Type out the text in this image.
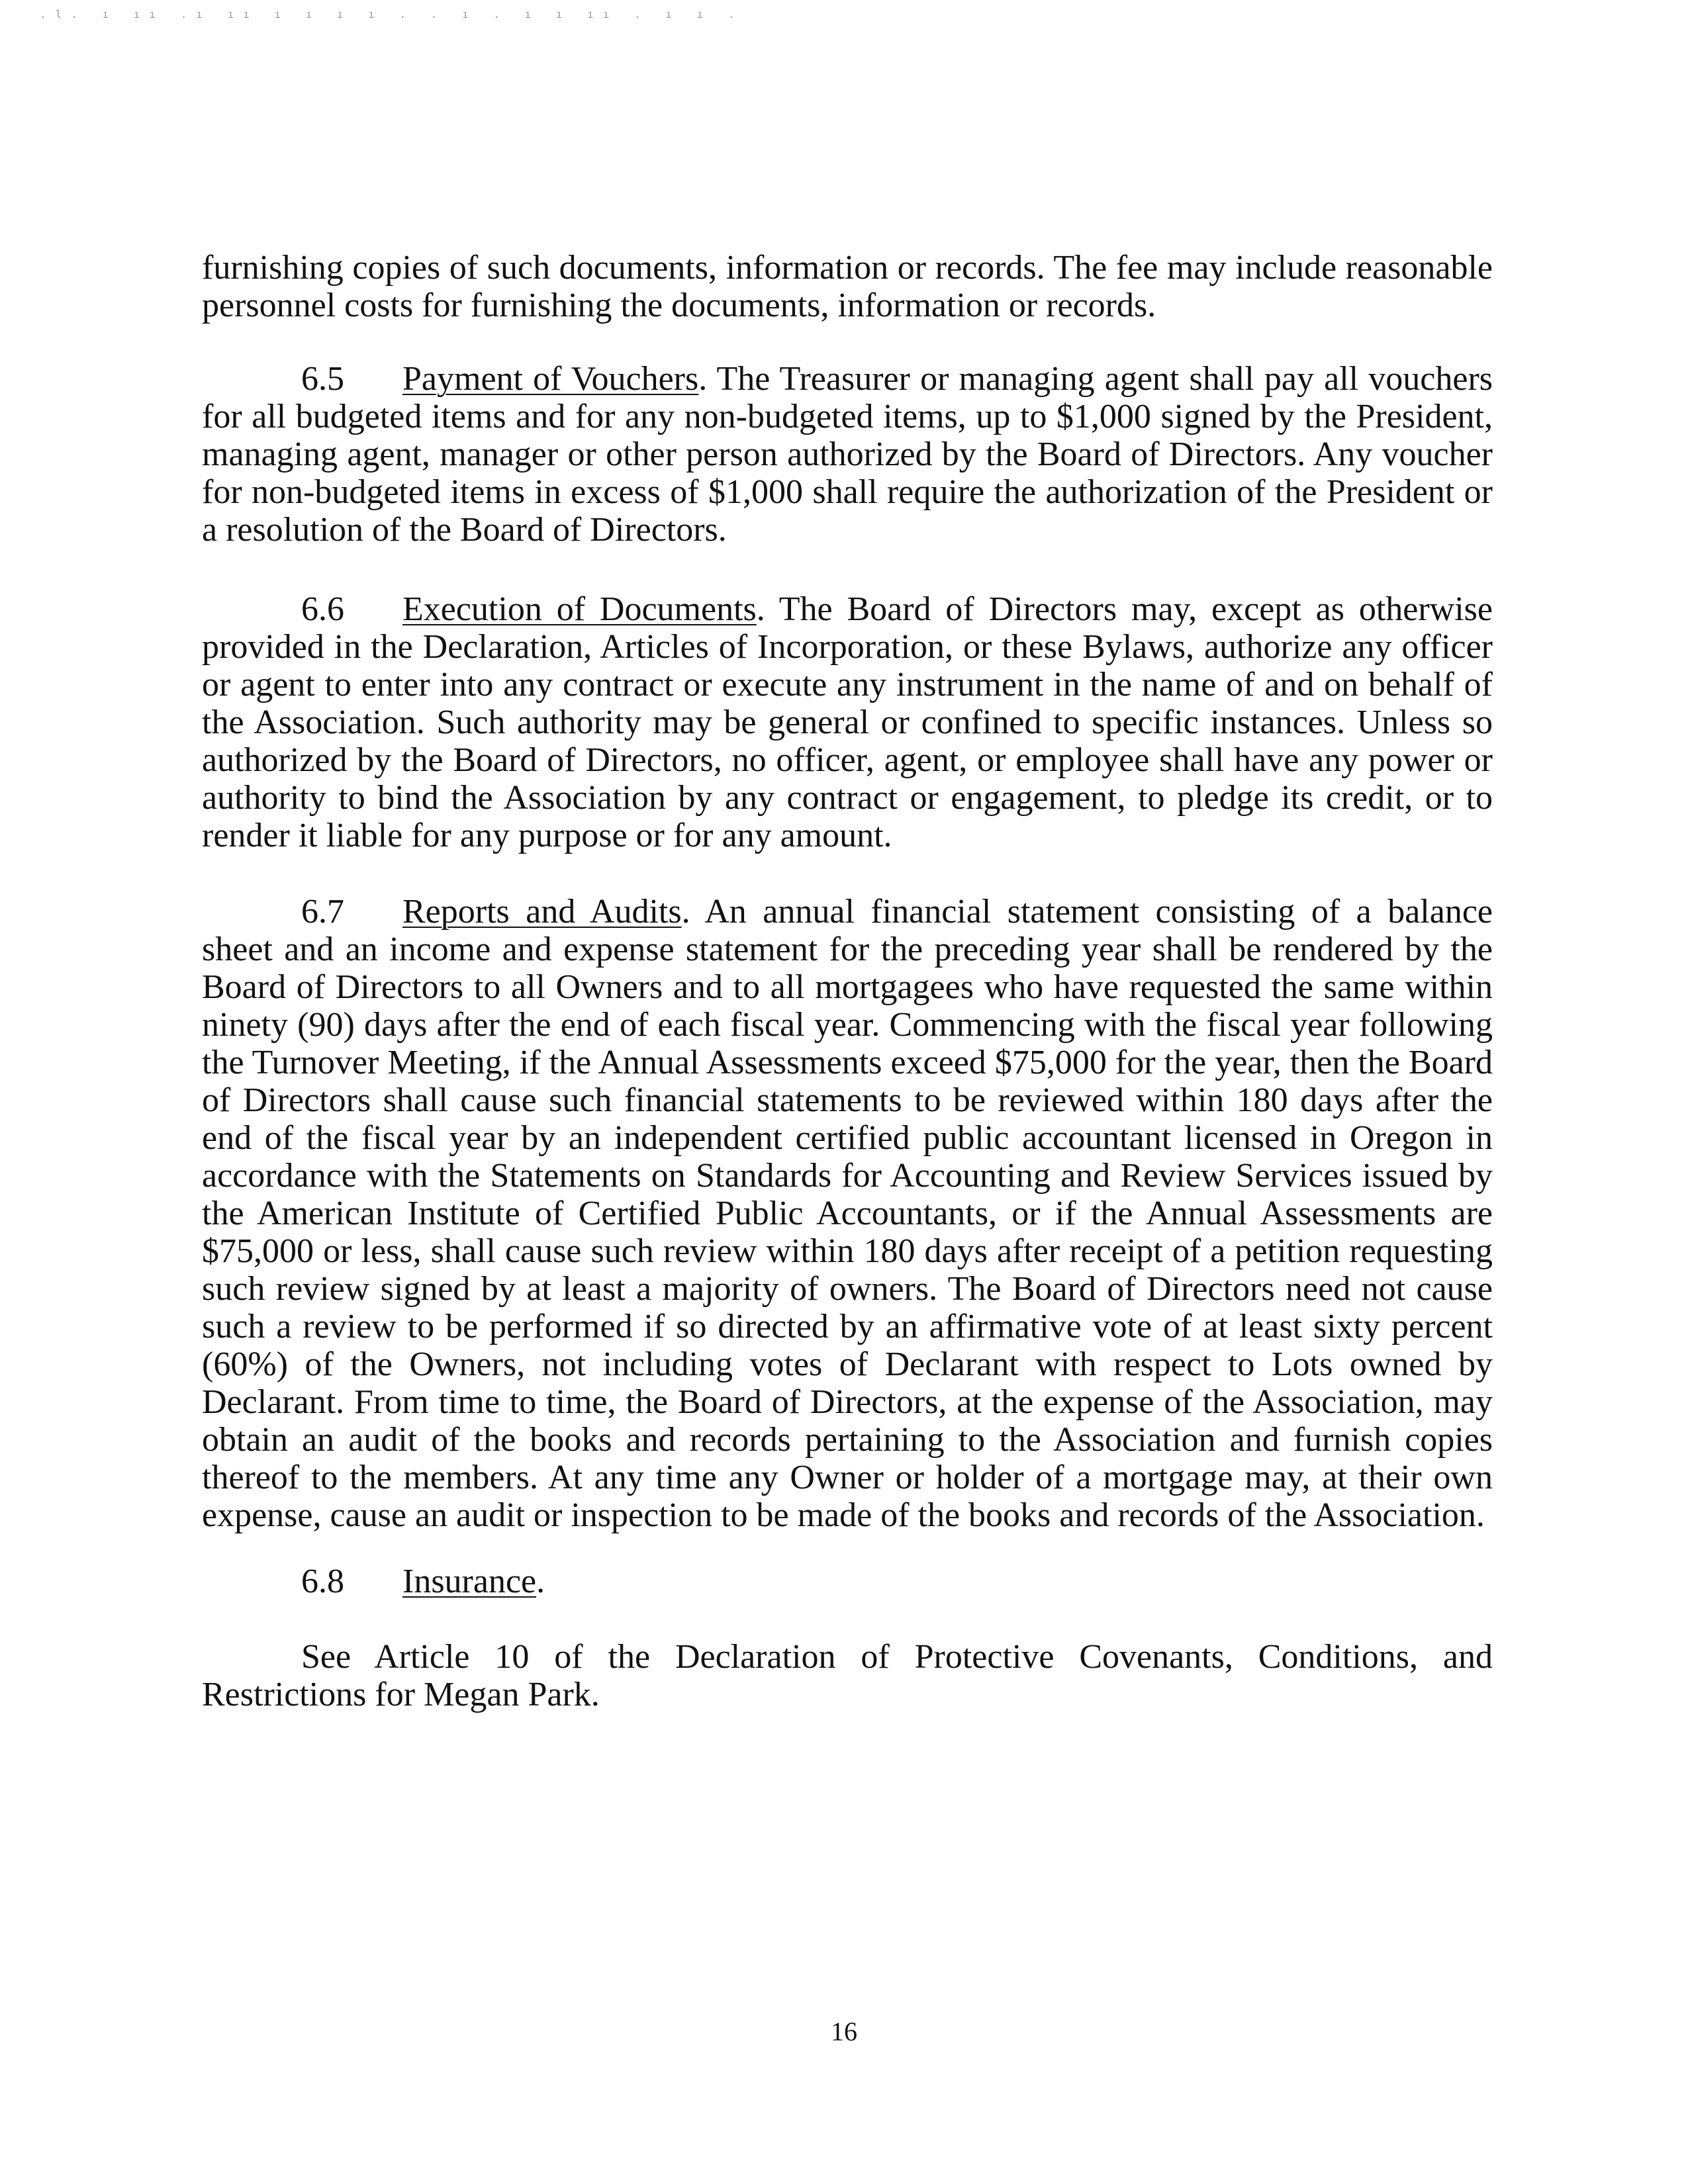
.l. ı ıı .ı ıı ı ı ı ı . . ı . ı ı ıı . ı ı .

furnishing copies of such documents, information or records. The fee may include reasonable personnel costs for furnishing the documents, information or records.

6.5 Payment of Vouchers. The Treasurer or managing agent shall pay all vouchers for all budgeted items and for any non-budgeted items, up to $1,000 signed by the President, managing agent, manager or other person authorized by the Board of Directors. Any voucher for non-budgeted items in excess of $1,000 shall require the authorization of the President or a resolution of the Board of Directors.

6.6 Execution of Documents. The Board of Directors may, except as otherwise provided in the Declaration, Articles of Incorporation, or these Bylaws, authorize any officer or agent to enter into any contract or execute any instrument in the name of and on behalf of the Association. Such authority may be general or confined to specific instances. Unless so authorized by the Board of Directors, no officer, agent, or employee shall have any power or authority to bind the Association by any contract or engagement, to pledge its credit, or to render it liable for any purpose or for any amount.

6.7 Reports and Audits. An annual financial statement consisting of a balance sheet and an income and expense statement for the preceding year shall be rendered by the Board of Directors to all Owners and to all mortgagees who have requested the same within ninety (90) days after the end of each fiscal year. Commencing with the fiscal year following the Turnover Meeting, if the Annual Assessments exceed $75,000 for the year, then the Board of Directors shall cause such financial statements to be reviewed within 180 days after the end of the fiscal year by an independent certified public accountant licensed in Oregon in accordance with the Statements on Standards for Accounting and Review Services issued by the American Institute of Certified Public Accountants, or if the Annual Assessments are $75,000 or less, shall cause such review within 180 days after receipt of a petition requesting such review signed by at least a majority of owners. The Board of Directors need not cause such a review to be performed if so directed by an affirmative vote of at least sixty percent (60%) of the Owners, not including votes of Declarant with respect to Lots owned by Declarant. From time to time, the Board of Directors, at the expense of the Association, may obtain an audit of the books and records pertaining to the Association and furnish copies thereof to the members. At any time any Owner or holder of a mortgage may, at their own expense, cause an audit or inspection to be made of the books and records of the Association.

6.8 Insurance.

See Article 10 of the Declaration of Protective Covenants, Conditions, and Restrictions for Megan Park.

16
